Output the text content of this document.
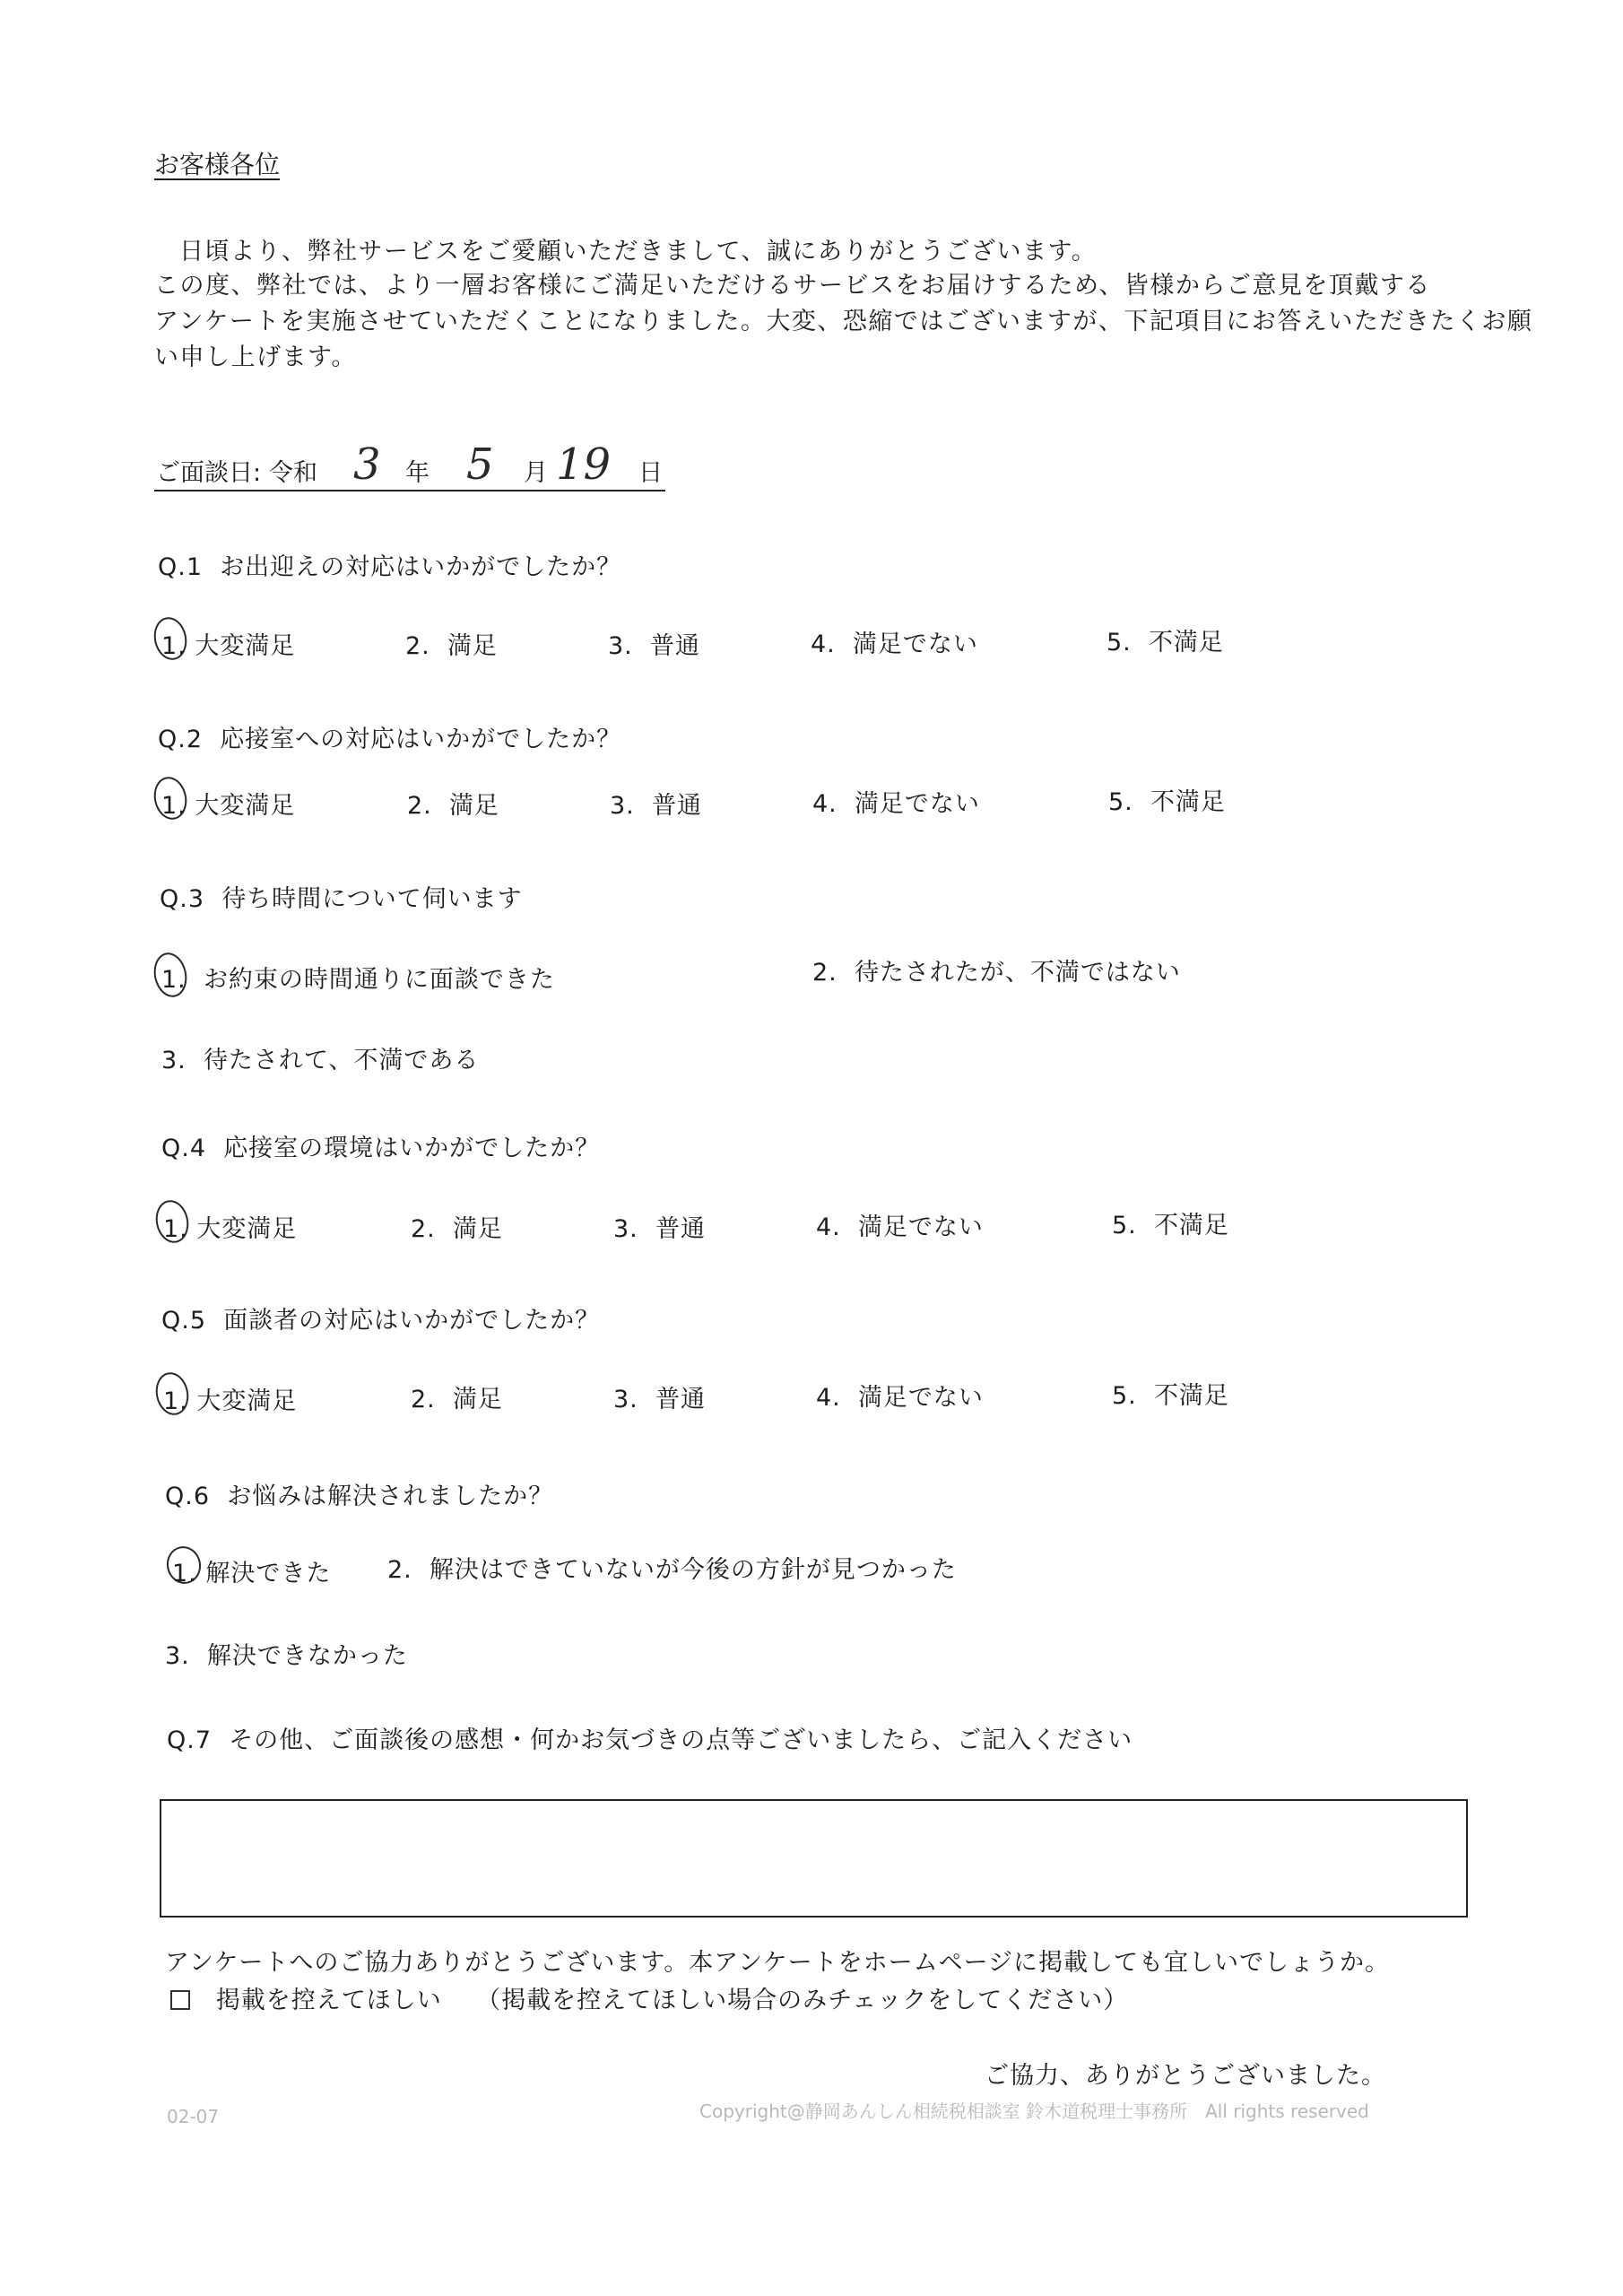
お客様各位
日頃より、弊社サービスをご愛顧いただきまして、誠にありがとうございます。
この度、弊社では、より一層お客様にご満足いただけるサービスをお届けするため、皆様からご意見を頂戴する
アンケートを実施させていただくことになりました。大変、恐縮ではございますが、下記項目にお答えいただきたくお願
い申し上げます。
ご面談日: 令和 3 年 5 月 19 日
Q.1 お出迎えの対応はいかがでしたか？
1. 大変満足	2. 満足	3. 普通	4. 満足でない	5. 不満足
Q.2 応接室への対応はいかがでしたか？
1. 大変満足	2. 満足	3. 普通	4. 満足でない	5. 不満足
Q.3 待ち時間について伺います
1. お約束の時間通りに面談できた	2. 待たされたが、不満ではない
3. 待たされて、不満である
Q.4 応接室の環境はいかがでしたか？
1. 大変満足	2. 満足	3. 普通	4. 満足でない	5. 不満足
Q.5 面談者の対応はいかがでしたか？
1. 大変満足	2. 満足	3. 普通	4. 満足でない	5. 不満足
Q.6 お悩みは解決されましたか？
1. 解決できた 2. 解決はできていないが今後の方針が見つかった
3. 解決できなかった
Q.7 その他、ご面談後の感想・何かお気づきの点等ございましたら、ご記入ください
アンケートへのご協力ありがとうございます。本アンケートをホームページに掲載しても宜しいでしょうか。
掲載を控えてほしい （掲載を控えてほしい場合のみチェックをしてください）
ご協力、ありがとうございました。
02-07	Copyright@静岡あんしん相続税相談室 鈴木道税理士事務所　All rights reserved
